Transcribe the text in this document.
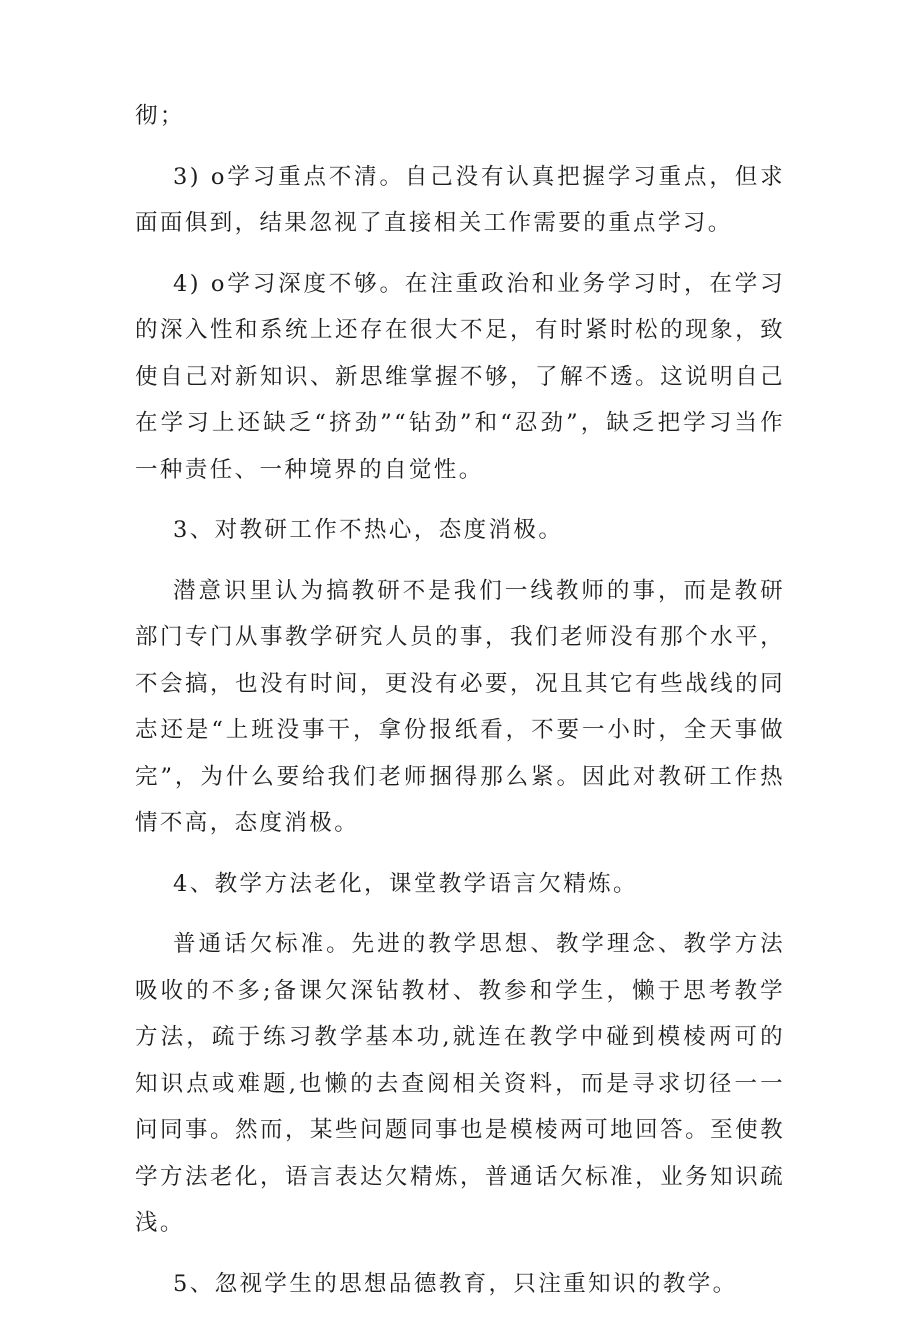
彻；

3) o学习重点不清。自己没有认真把握学习重点，但求面面俱到，结果忽视了直接相关工作需要的重点学习。

4) o学习深度不够。在注重政治和业务学习时，在学习的深入性和系统上还存在很大不足，有时紧时松的现象，致使自己对新知识、新思维掌握不够，了解不透。这说明自己在学习上还缺乏“挤劲”“钻劲”和“忍劲”，缺乏把学习当作一种责任、一种境界的自觉性。

3、对教研工作不热心，态度消极。

潜意识里认为搞教研不是我们一线教师的事，而是教研部门专门从事教学研究人员的事，我们老师没有那个水平，不会搞，也没有时间，更没有必要，况且其它有些战线的同志还是“上班没事干，拿份报纸看，不要一小时，全天事做完”，为什么要给我们老师捆得那么紧。因此对教研工作热情不高，态度消极。

4、教学方法老化，课堂教学语言欠精炼。

普通话欠标准。先进的教学思想、教学理念、教学方法吸收的不多;备课欠深钻教材、教参和学生，懒于思考教学方法，疏于练习教学基本功,就连在教学中碰到模棱两可的知识点或难题,也懒的去查阅相关资料，而是寻求切径一一问同事。然而，某些问题同事也是模棱两可地回答。至使教学方法老化，语言表达欠精炼，普通话欠标准，业务知识疏浅。

5、忽视学生的思想品德教育，只注重知识的教学。
